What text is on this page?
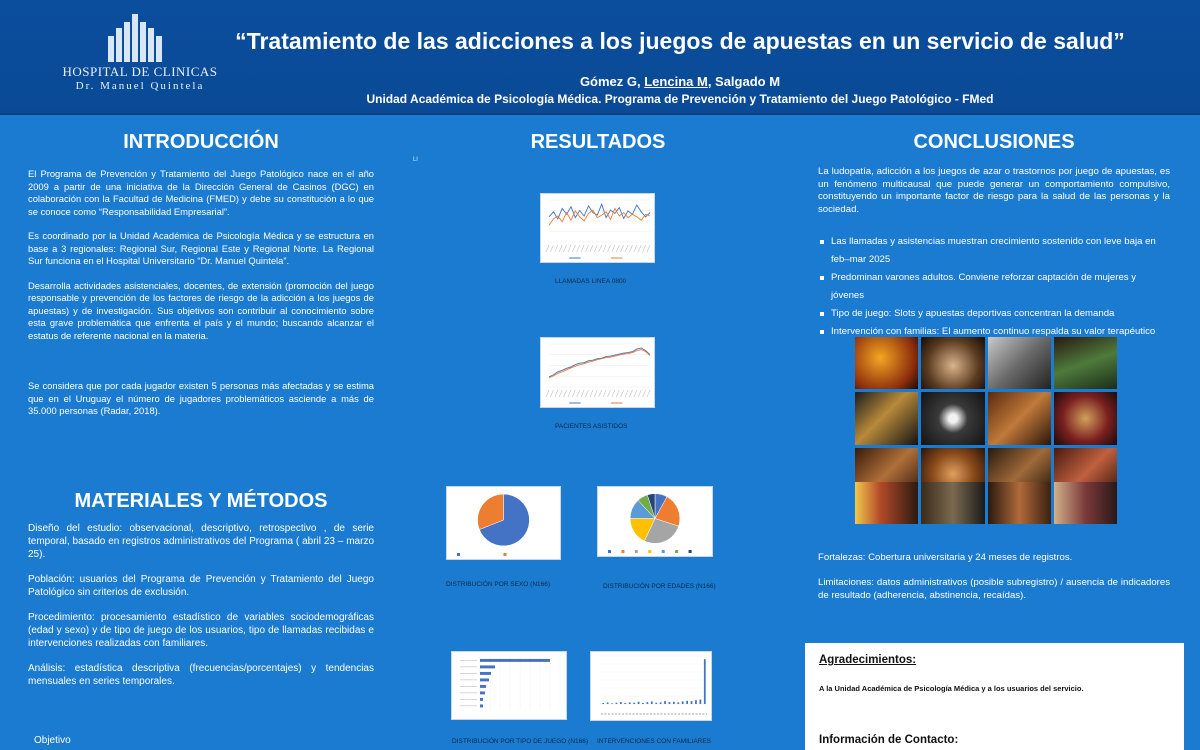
HOSPITAL DE CLINICAS
Dr. Manuel Quintela
“Tratamiento de las adicciones a los juegos de apuestas en un servicio de salud”
Gómez G, Lencina M, Salgado M
Unidad Académica de Psicología Médica. Programa de Prevención y Tratamiento del Juego Patológico - FMed
INTRODUCCIÓN

El Programa de Prevención y Tratamiento del Juego Patológico nace en el año 2009 a partir de una iniciativa de la Dirección General de Casinos (DGC) en colaboración con la Facultad de Medicina (FMED) y debe su constitución a lo que se conoce como “Responsabilidad Empresarial”.

Es coordinado por la Unidad Académica de Psicología Médica y se estructura en base a 3 regionales: Regional Sur, Regional Este y Regional Norte. La Regional Sur funciona en el Hospital Universitario “Dr. Manuel Quintela”.

Desarrolla actividades asistenciales, docentes, de extensión (promoción del juego responsable y prevención de los factores de riesgo de la adicción a los juegos de apuestas) y de investigación. Sus objetivos son contribuir al conocimiento sobre esta grave problemática que enfrenta el país y el mundo; buscando alcanzar el estatus de referente nacional en la materia.

Se considera que por cada jugador existen 5 personas más afectadas y se estima que en el Uruguay el número de jugadores problemáticos asciende a más de 35.000 personas (Radar, 2018).

MATERIALES Y MÉTODOS

Diseño del estudio: observacional, descriptivo, retrospectivo , de serie temporal, basado en registros administrativos del Programa ( abril 23 – marzo 25).

Población: usuarios del Programa de Prevención y Tratamiento del Juego Patológico sin criterios de exclusión.

Procedimiento: procesamiento estadístico de variables sociodemográficas (edad y sexo) y de tipo de juego de los usuarios, tipo de llamadas recibidas e intervenciones realizadas con familiares.

Análisis: estadística descriptiva (frecuencias/porcentajes) y tendencias mensuales en series temporales.

Objetivo
RESULTADOS
Ll
LLAMADAS LINEA 0800
PACIENTES ASISTIDOS
DISTRIBUCIÓN POR SEXO (N166)	DISTRIBUCIÓN POR EDADES (N166)
DISTRIBUCIÓN POR TIPO DE JUEGO (N166) INTERVENCIONES CON FAMILIARES
CONCLUSIONES
La ludopatía, adicción a los juegos de azar o trastornos por juego de apuestas, es un fenómeno multicausal que puede generar un comportamiento compulsivo, constituyendo un importante factor de riesgo para la salud de las personas y la sociedad.
Las llamadas y asistencias muestran crecimiento sostenido con leve baja en feb–mar 2025
Predominan varones adultos. Conviene reforzar captación de mujeres y jóvenes
Tipo de juego: Slots y apuestas deportivas concentran la demanda
Intervención con familias: El aumento continuo respalda su valor terapéutico
Fortalezas: Cobertura universitaria y 24 meses de registros.
Limitaciones: datos administrativos (posible subregistro) / ausencia de indicadores de resultado (adherencia, abstinencia, recaídas).
Agradecimientos:
A la Unidad Académica de Psicología Médica y a los usuarios del servicio.
Información de Contacto:
